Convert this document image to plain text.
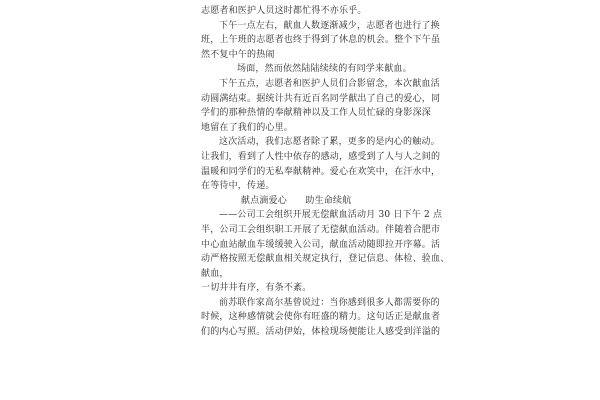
志愿者和医护人员这时都忙得不亦乐乎。
下午一点左右，献血人数逐渐减少，志愿者也进行了换
班，上午班的志愿者也终于得到了休息的机会。整个下午虽
然不复中午的热闹
场面，然而依然陆陆续续的有同学来献血。
下午五点，志愿者和医护人员们合影留念，本次献血活
动圆满结束。据统计共有近百名同学献出了自己的爱心，同
学们的那种热情的奉献精神以及工作人员忙碌的身影深深
地留在了我们的心里。
这次活动，我们志愿者除了累，更多的是内心的触动。
让我们，看到了人性中依存的感动，感受到了人与人之间的
温暖和同学们的无私奉献精神。爱心在欢笑中，在汗水中，
在等待中，传递。
献点滴爱心　　助生命续航
——公司工会组织开展无偿献血活动月 30 日下午 2 点
半，公司工会组织职工开展了无偿献血活动。伴随着合肥市
中心血站献血车缓缓驶入公司，献血活动随即拉开序幕。活
动严格按照无偿献血相关规定执行，登记信息、体检、验血、
献血，
一切井井有序，有条不紊。
前苏联作家高尔基曾说过：当你感到很多人都需要你的
时候，这种感情就会使你有旺盛的精力。这句话正是献血者
们的内心写照。活动伊始，体检现场便能让人感受到洋溢的
